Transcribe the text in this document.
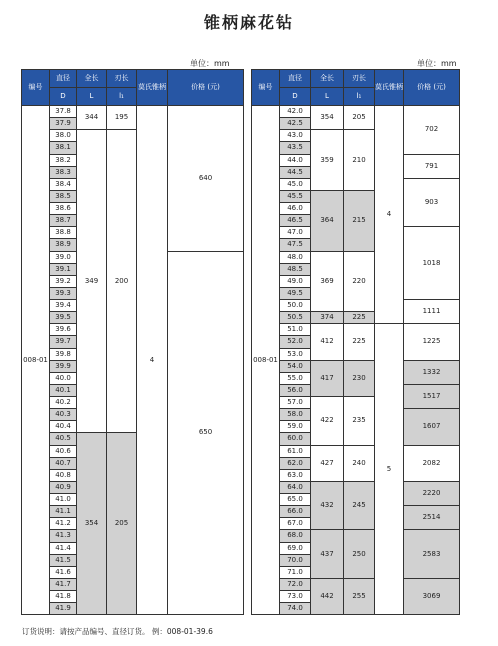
锥柄麻花钻
单位：mm	单位：mm
编号	直径	全长	刃长	莫氏锥柄	价格 (元)
	D	L	l₁		
008-01	37.8	344	195	4	640
	37.9				
	38.0	349	200		
	38.1				
	38.2				
	38.3				
	38.4				
	38.5				
	38.6				
	38.7				
	38.8				
	38.9				
	39.0				650
	39.1				
	39.2				
	39.3				
	39.4				
	39.5				
	39.6				
	39.7				
	39.8				
	39.9				
	40.0				
	40.1				
	40.2				
	40.3				
	40.4				
	40.5	354	205		
	40.6				
	40.7				
	40.8				
	40.9				
	41.0				
	41.1				
	41.2				
	41.3				
	41.4				
	41.5				
	41.6				
	41.7				
	41.8				
	41.9				
编号	直径	全长	刃长	莫氏锥柄	价格 (元)
	D	L	l₁		
008-01	42.0	354	205	4	702
	42.5				
	43.0	359	210		
	43.5				
	44.0				791
	44.5				
	45.0				903
	45.5	364	215		
	46.0				
	46.5				
	47.0				1018
	47.5				
	48.0	369	220		
	48.5				
	49.0				
	49.5				
	50.0				1111
	50.5	374	225		
	51.0	412	225	5	1225
	52.0				
	53.0				
	54.0	417	230		1332
	55.0				
	56.0				1517
	57.0	422	235		
	58.0				1607
	59.0				
	60.0				
	61.0	427	240		2082
	62.0				
	63.0				
	64.0	432	245		2220
	65.0				
	66.0				2514
	67.0				
	68.0	437	250		2583
	69.0				
	70.0				
	71.0				
	72.0	442	255		3069
	73.0				
	74.0				
订货说明：请按产品编号、直径订货。 例：008-01-39.6
